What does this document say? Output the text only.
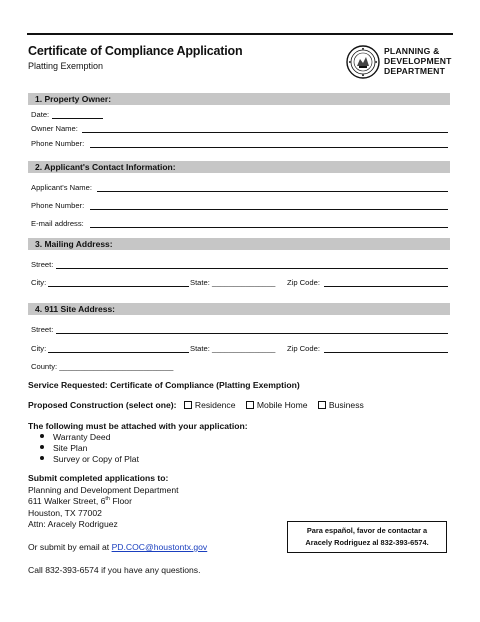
Certificate of Compliance Application
Platting Exemption
PLANNING &
DEVELOPMENT
DEPARTMENT
1. Property Owner:
Date:
Owner Name:
Phone Number:
2. Applicant's Contact Information:
Applicant's Name:
Phone Number:
E-mail address:
3. Mailing Address:
Street:
City:	State: _______________ Zip Code:
4. 911 Site Address:
Street:
City:	State: _______________ Zip Code:
County: ___________________________
Service Requested: Certificate of Compliance (Platting Exemption)
Proposed Construction (select one): Residence Mobile Home Business
The following must be attached with your application:
Warranty Deed
Site Plan
Survey or Copy of Plat
Submit completed applications to:
Planning and Development Department
611 Walker Street, 6th Floor
Houston, TX 77002
Attn: Aracely Rodriguez
Or submit by email at PD.COC@houstontx.gov
Call 832-393-6574 if you have any questions.
Para español, favor de contactar a
Aracely Rodriguez al 832-393-6574.
